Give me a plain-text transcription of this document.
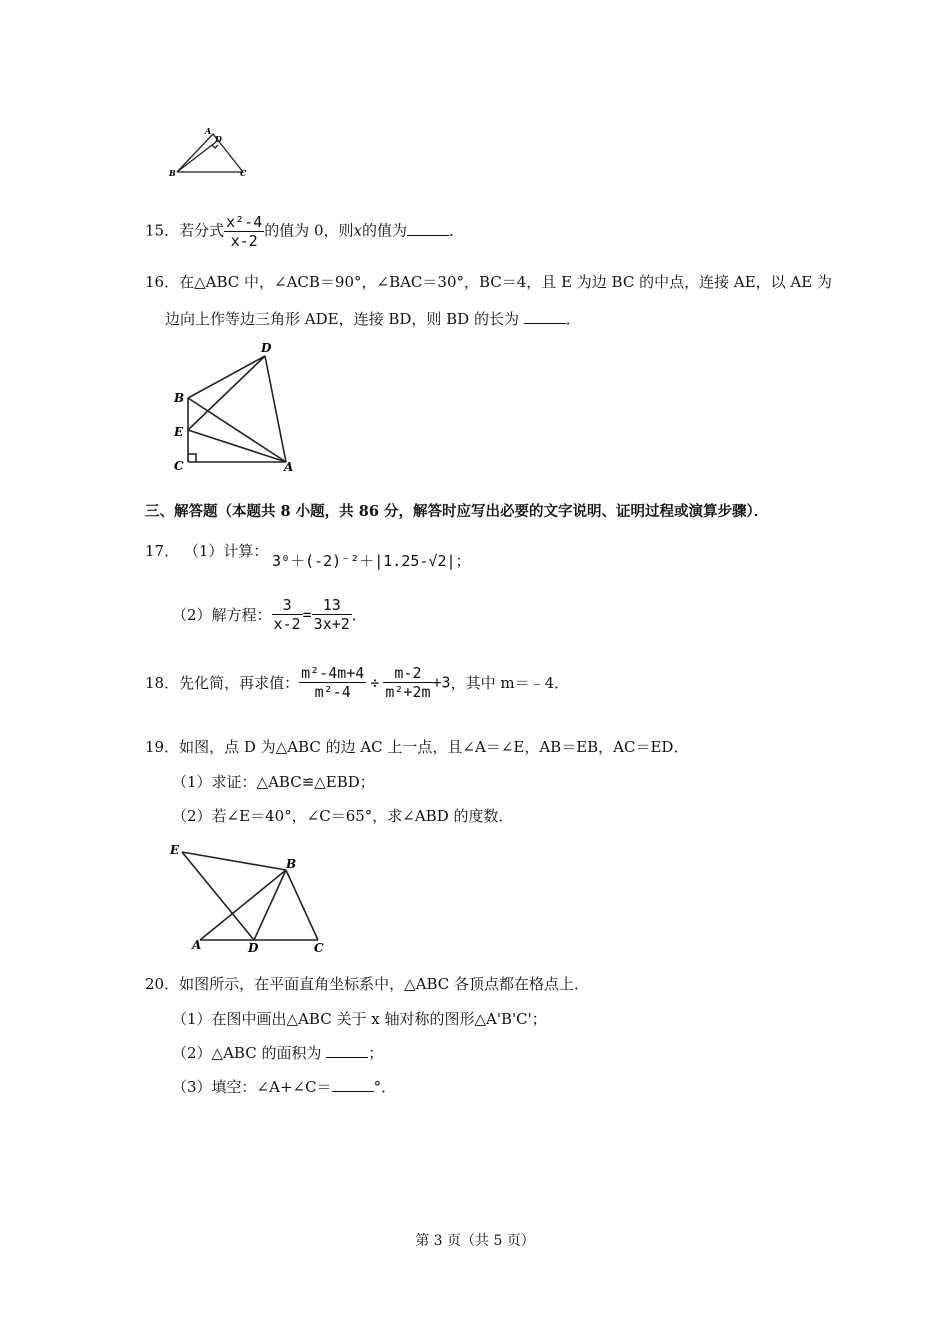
A
D
B	C
15．若分式 $\frac{\text{x²-4}}{x-2}$ 的值为 0，则x的值为	．
16．在△ABC 中，∠ACB＝90°，∠BAC＝30°，BC＝4，且 E 为边 BC 的中点，连接 AE，以 AE 为
边向上作等边三角形 ADE，连接 BD，则 BD 的长为	．
D
B
E
C	A
三、解答题（本题共 8 小题，共 86 分，解答时应写出必要的文字说明、证明过程或演算步骤）．
17． （1）计算：
3⁰＋(-2)⁻²＋|1.25-√2|；
（2）解方程： $\frac{3}{x-2} = \frac{13}{3x+2}$ ．
18．先化简，再求值： $\frac{\text{m²-4m+4}}{\text{m²-4}} \div \frac{m-2}{\text{m²+2m}} +3$，其中 m＝﹣4．
19．如图，点 D 为△ABC 的边 AC 上一点，且∠A＝∠E，AB＝EB，AC＝ED．
（1）求证：△ABC≌△EBD；
（2）若∠E＝40°，∠C＝65°，求∠ABD 的度数．
E
B
A	D	C
20．如图所示，在平面直角坐标系中，△ABC 各顶点都在格点上．
（1）在图中画出△ABC 关于 x 轴对称的图形△A'B'C'；
（2）△ABC 的面积为	；
（3）填空：∠A+∠C＝	°．
第 3 页（共 5 页）
